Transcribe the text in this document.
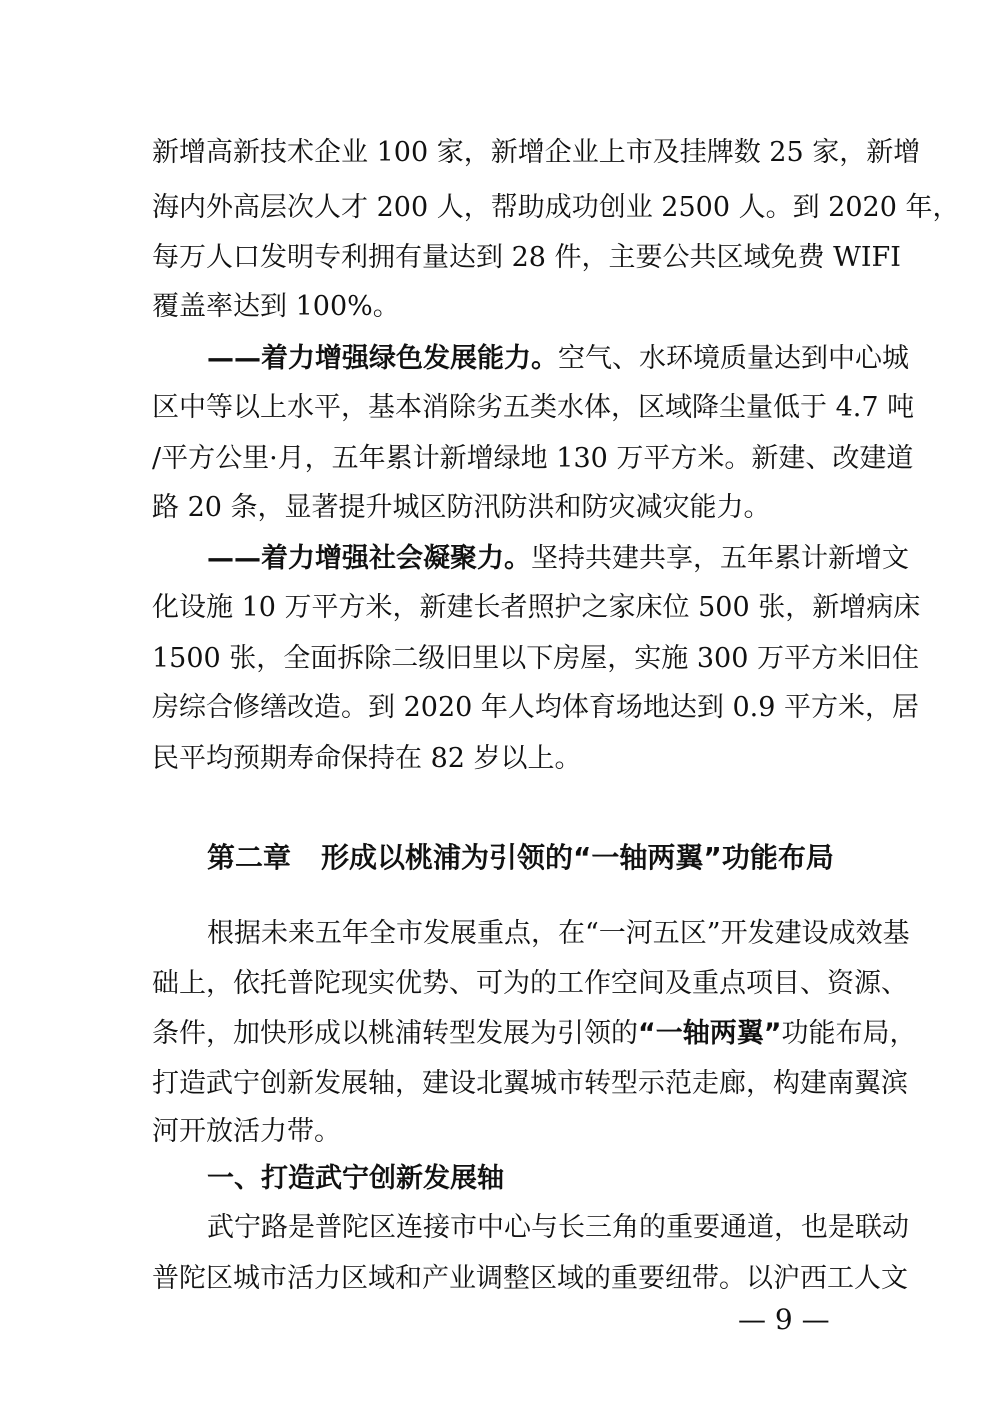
新增高新技术企业 100 家，新增企业上市及挂牌数 25 家，新增

海内外高层次人才 200 人，帮助成功创业 2500 人。到 2020 年，

每万人口发明专利拥有量达到 28 件，主要公共区域免费 WIFI

覆盖率达到 100%。

——着力增强绿色发展能力。空气、水环境质量达到中心城

区中等以上水平，基本消除劣五类水体，区域降尘量低于 4.7 吨

/平方公里·月，五年累计新增绿地 130 万平方米。新建、改建道

路 20 条，显著提升城区防汛防洪和防灾减灾能力。

——着力增强社会凝聚力。坚持共建共享，五年累计新增文

化设施 10 万平方米，新建长者照护之家床位 500 张，新增病床

1500 张，全面拆除二级旧里以下房屋，实施 300 万平方米旧住

房综合修缮改造。到 2020 年人均体育场地达到 0.9 平方米，居

民平均预期寿命保持在 82 岁以上。

第二章 形成以桃浦为引领的“一轴两翼”功能布局

根据未来五年全市发展重点，在“一河五区”开发建设成效基

础上，依托普陀现实优势、可为的工作空间及重点项目、资源、

条件，加快形成以桃浦转型发展为引领的“一轴两翼”功能布局，

打造武宁创新发展轴，建设北翼城市转型示范走廊，构建南翼滨

河开放活力带。

一、打造武宁创新发展轴

武宁路是普陀区连接市中心与长三角的重要通道，也是联动

普陀区城市活力区域和产业调整区域的重要纽带。以沪西工人文

— 9 —
